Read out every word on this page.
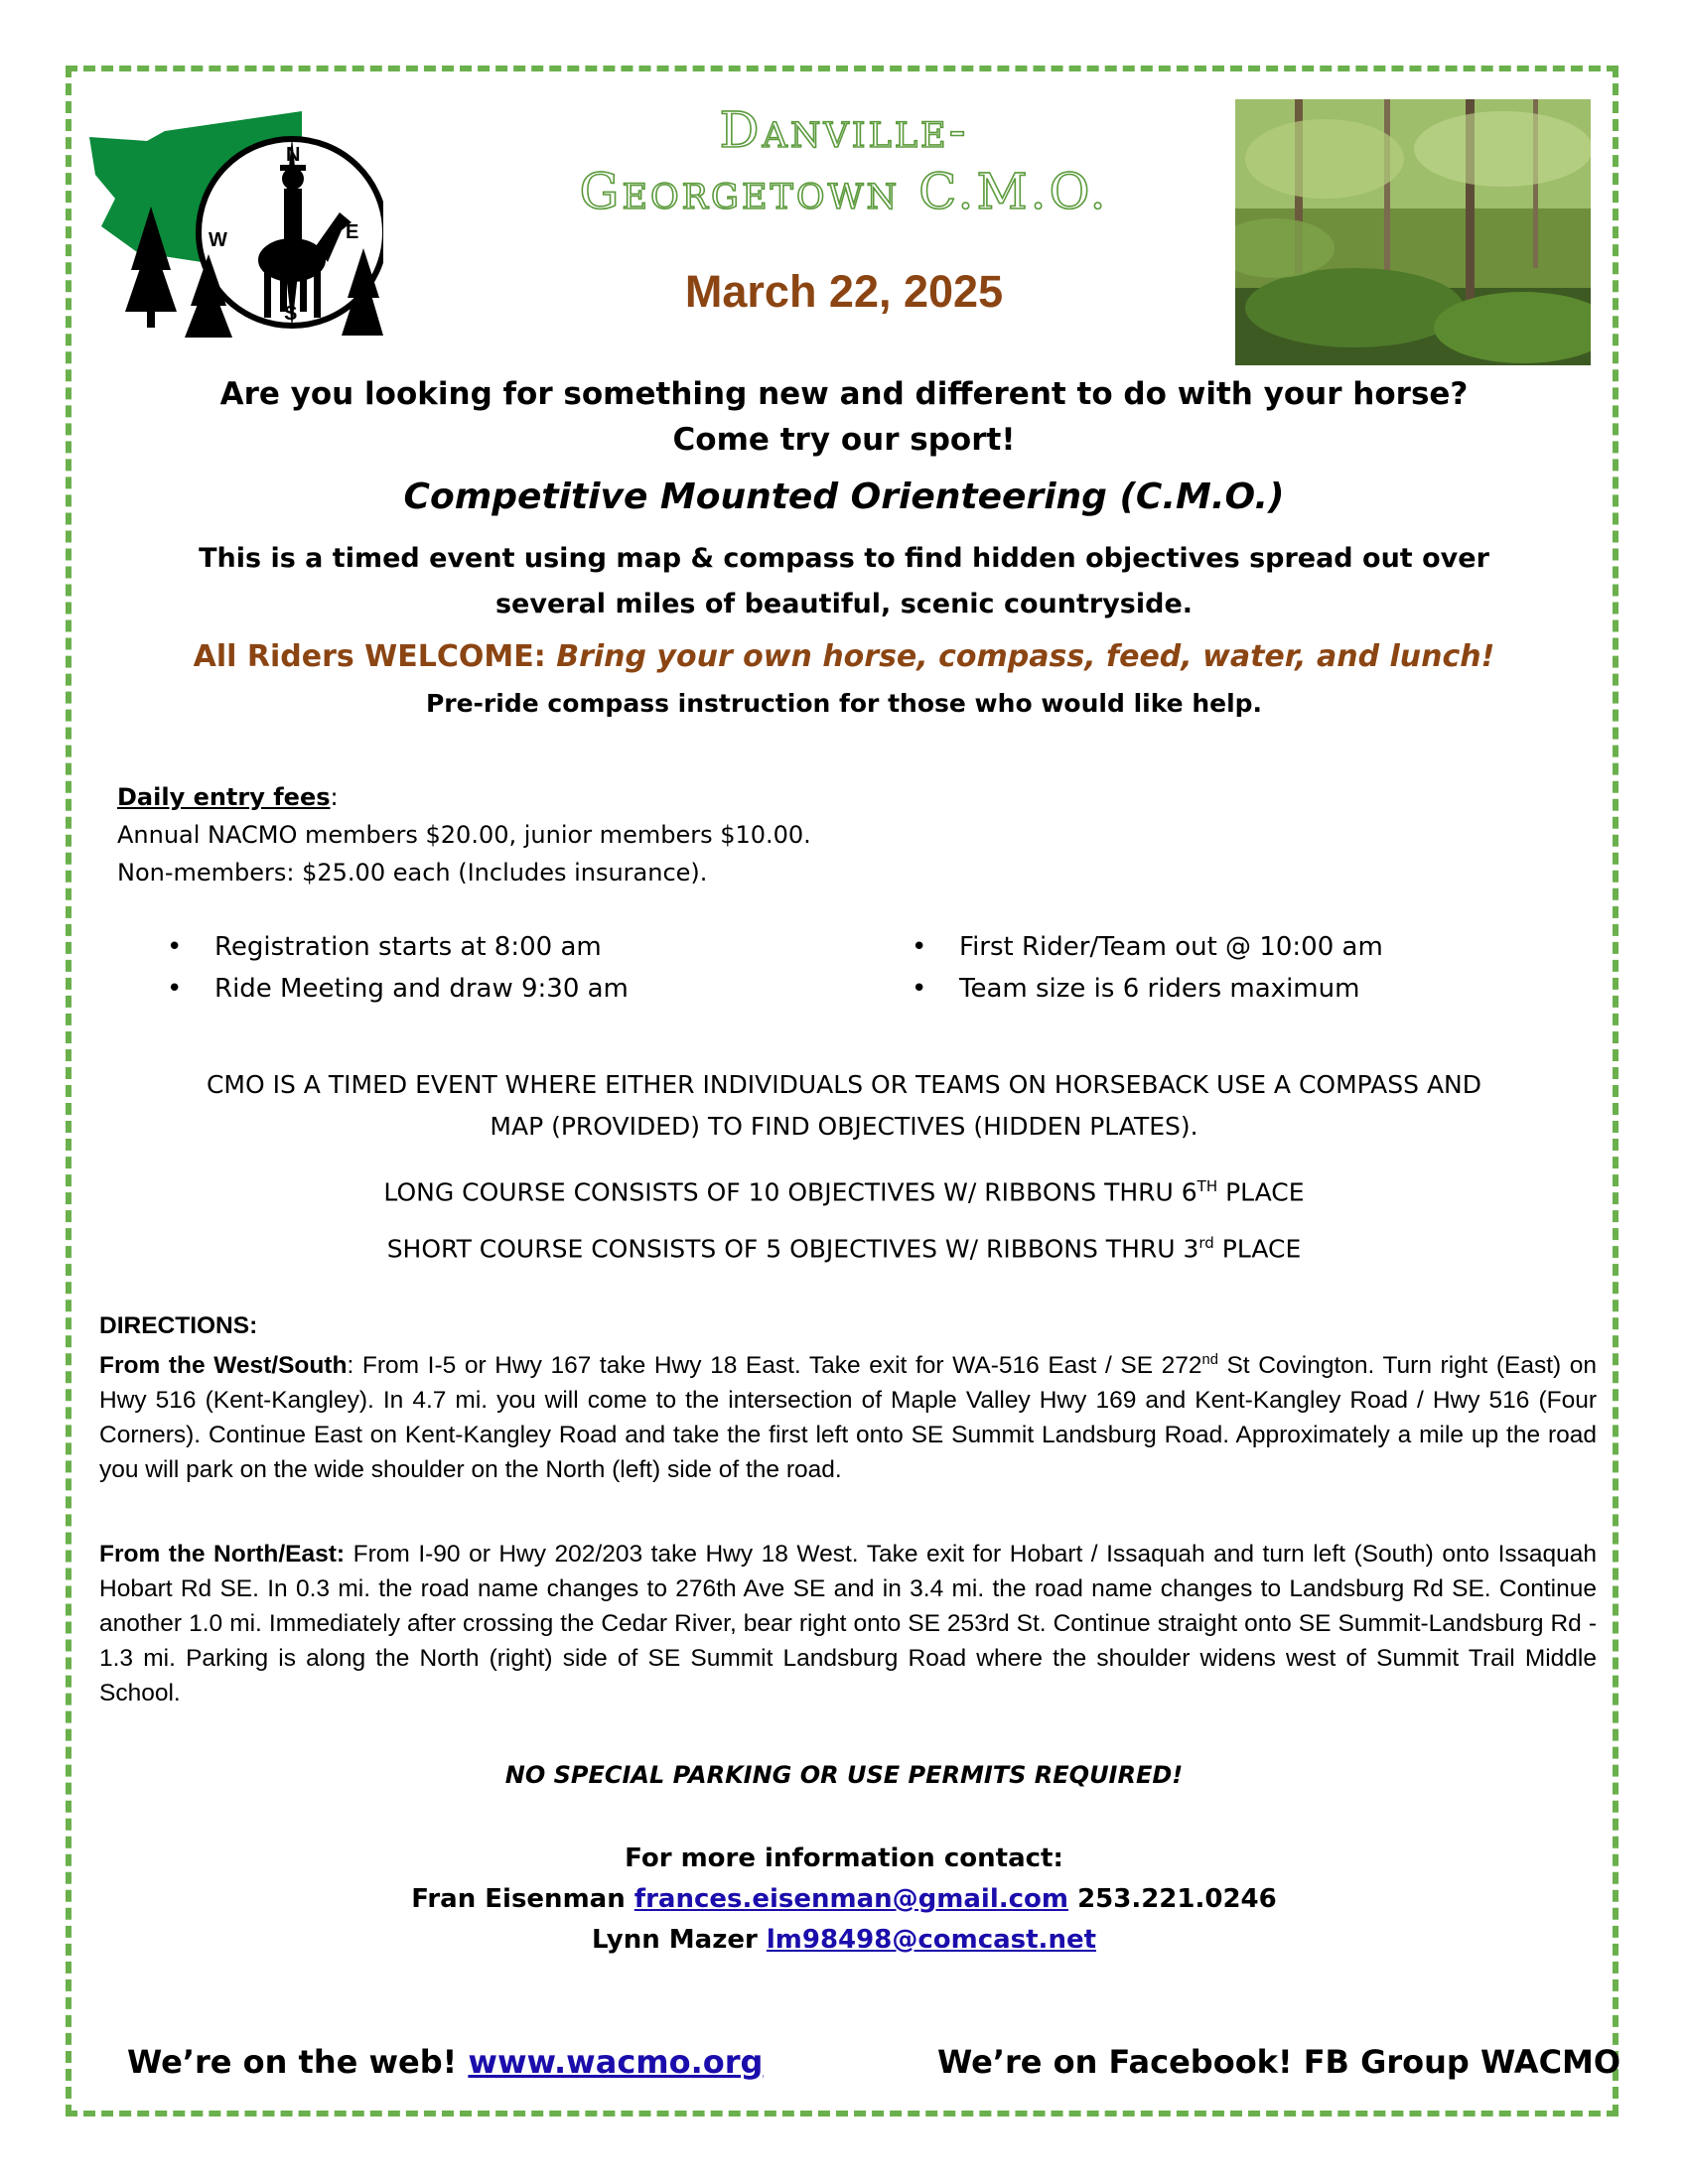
N
E
S
W
Danville-
Georgetown C.M.O.
March 22, 2025
Are you looking for something new and different to do with your horse?
Come try our sport!
Competitive Mounted Orienteering (C.M.O.)
This is a timed event using map & compass to find hidden objectives spread out over
several miles of beautiful, scenic countryside.
All Riders WELCOME: Bring your own horse, compass, feed, water, and lunch!
Pre-ride compass instruction for those who would like help.
Daily entry fees:
Annual NACMO members $20.00, junior members $10.00.
Non-members: $25.00 each (Includes insurance).
• Registration starts at 8:00 am
• Ride Meeting and draw 9:30 am
• First Rider/Team out @ 10:00 am
• Team size is 6 riders maximum
CMO IS A TIMED EVENT WHERE EITHER INDIVIDUALS OR TEAMS ON HORSEBACK USE A COMPASS AND
MAP (PROVIDED) TO FIND OBJECTIVES (HIDDEN PLATES).
LONG COURSE CONSISTS OF 10 OBJECTIVES W/ RIBBONS THRU 6TH PLACE
SHORT COURSE CONSISTS OF 5 OBJECTIVES W/ RIBBONS THRU 3rd PLACE
DIRECTIONS:
From the West/South: From I-5 or Hwy 167 take Hwy 18 East. Take exit for WA-516 East / SE 272nd St Covington. Turn right (East) on Hwy 516 (Kent-Kangley). In 4.7 mi. you will come to the intersection of Maple Valley Hwy 169 and Kent-Kangley Road / Hwy 516 (Four Corners). Continue East on Kent-Kangley Road and take the first left onto SE Summit Landsburg Road. Approximately a mile up the road you will park on the wide shoulder on the North (left) side of the road.
From the North/East: From I-90 or Hwy 202/203 take Hwy 18 West. Take exit for Hobart / Issaquah and turn left (South) onto Issaquah Hobart Rd SE. In 0.3 mi. the road name changes to 276th Ave SE and in 3.4 mi. the road name changes to Landsburg Rd SE. Continue another 1.0 mi. Immediately after crossing the Cedar River, bear right onto SE 253rd St. Continue straight onto SE Summit-Landsburg Rd - 1.3 mi. Parking is along the North (right) side of SE Summit Landsburg Road where the shoulder widens west of Summit Trail Middle School.
NO SPECIAL PARKING OR USE PERMITS REQUIRED!
For more information contact:
Fran Eisenman frances.eisenman@gmail.com 253.221.0246
Lynn Mazer lm98498@comcast.net
We’re on the web! www.wacmo.org	We’re on Facebook! FB Group WACMO
